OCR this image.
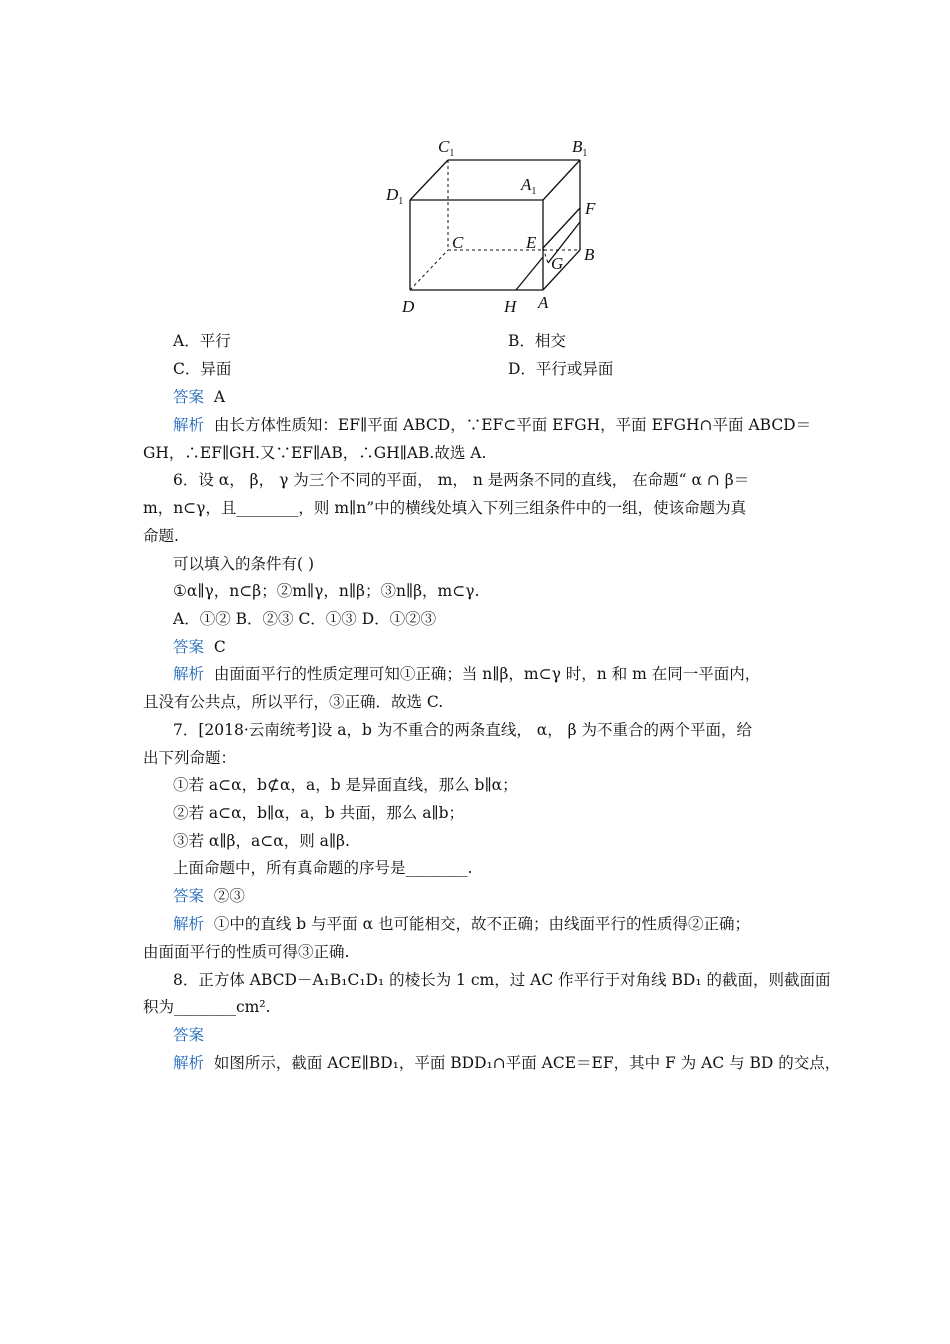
$C_1$	$B_1$
$D_1$
$A_1$
F
C	E
B
G
D	H A
A．平行	B．相交
C．异面	D．平行或异面
答案 A
解析 由长方体性质知：EF∥平面 ABCD，∵EF⊂平面 EFGH，平面 EFGH∩平面 ABCD＝
GH，∴EF∥GH.又∵EF∥AB，∴GH∥AB.故选 A.
6．设 α， β， γ 为三个不同的平面， m， n 是两条不同的直线， 在命题“ α ∩ β＝
m，n⊂γ，且________，则 m∥n”中的横线处填入下列三组条件中的一组，使该命题为真
命题.
可以填入的条件有( )
①α∥γ，n⊂β；②m∥γ，n∥β；③n∥β，m⊂γ.
A．①② B．②③ C．①③ D．①②③
答案 C
解析 由面面平行的性质定理可知①正确；当 n∥β，m⊂γ 时，n 和 m 在同一平面内，
且没有公共点，所以平行，③正确．故选 C.
7．[2018·云南统考]设 a，b 为不重合的两条直线， α， β 为不重合的两个平面，给
出下列命题：
①若 a⊂α，b⊄α，a，b 是异面直线，那么 b∥α；
②若 a⊂α，b∥α，a，b 共面，那么 a∥b；
③若 α∥β，a⊂α，则 a∥β.
上面命题中，所有真命题的序号是________.
答案 ②③
解析 ①中的直线 b 与平面 α 也可能相交，故不正确；由线面平行的性质得②正确；
由面面平行的性质可得③正确.
8．正方体 ABCD－A₁B₁C₁D₁ 的棱长为 1 cm，过 AC 作平行于对角线 BD₁ 的截面，则截面面
积为________cm².
答案
解析 如图所示，截面 ACE∥BD₁，平面 BDD₁∩平面 ACE＝EF，其中 F 为 AC 与 BD 的交点，
